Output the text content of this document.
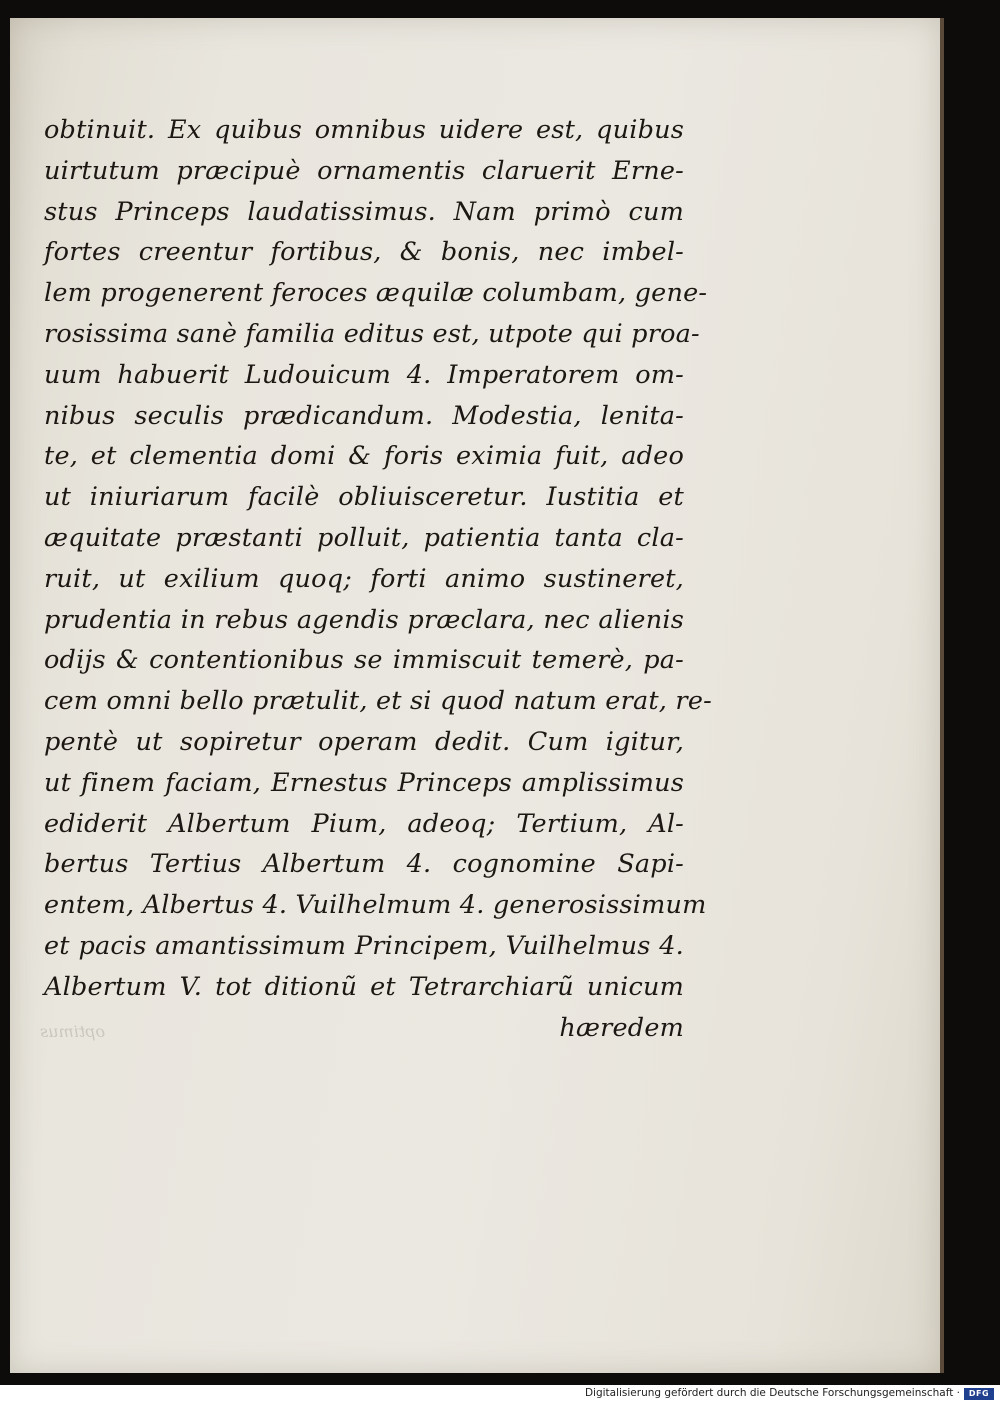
obtinuit. Ex quibus omnibus uidere est, quibus
uirtutum præcipuè ornamentis claruerit Erne-
stus Princeps laudatissimus. Nam primò cum
fortes creentur fortibus, & bonis, nec imbel-
lem progenerent feroces æquilæ columbam, gene-
rosissima sanè familia editus est, utpote qui proa-
uum habuerit Ludouicum 4. Imperatorem om-
nibus seculis prædicandum. Modestia, lenita-
te, et clementia domi & foris eximia fuit, adeo
ut iniuriarum facilè obliuisceretur. Iustitia et
æquitate præstanti polluit, patientia tanta cla-
ruit, ut exilium quoq; forti animo sustineret,
prudentia in rebus agendis præclara, nec alienis
odijs & contentionibus se immiscuit temerè, pa-
cem omni bello prætulit, et si quod natum erat, re-
pentè ut sopiretur operam dedit. Cum igitur,
ut finem faciam, Ernestus Princeps amplissimus
ediderit Albertum Pium, adeoq; Tertium, Al-
bertus Tertius Albertum 4. cognomine Sapi-
entem, Albertus 4. Vuilhelmum 4. generosissimum
et pacis amantissimum Principem, Vuilhelmus 4.
Albertum V. tot ditionũ et Tetrarchiarũ unicum
hæredem
optimus
Digitalisierung gefördert durch die Deutsche Forschungsgemeinschaft ·	DFG
